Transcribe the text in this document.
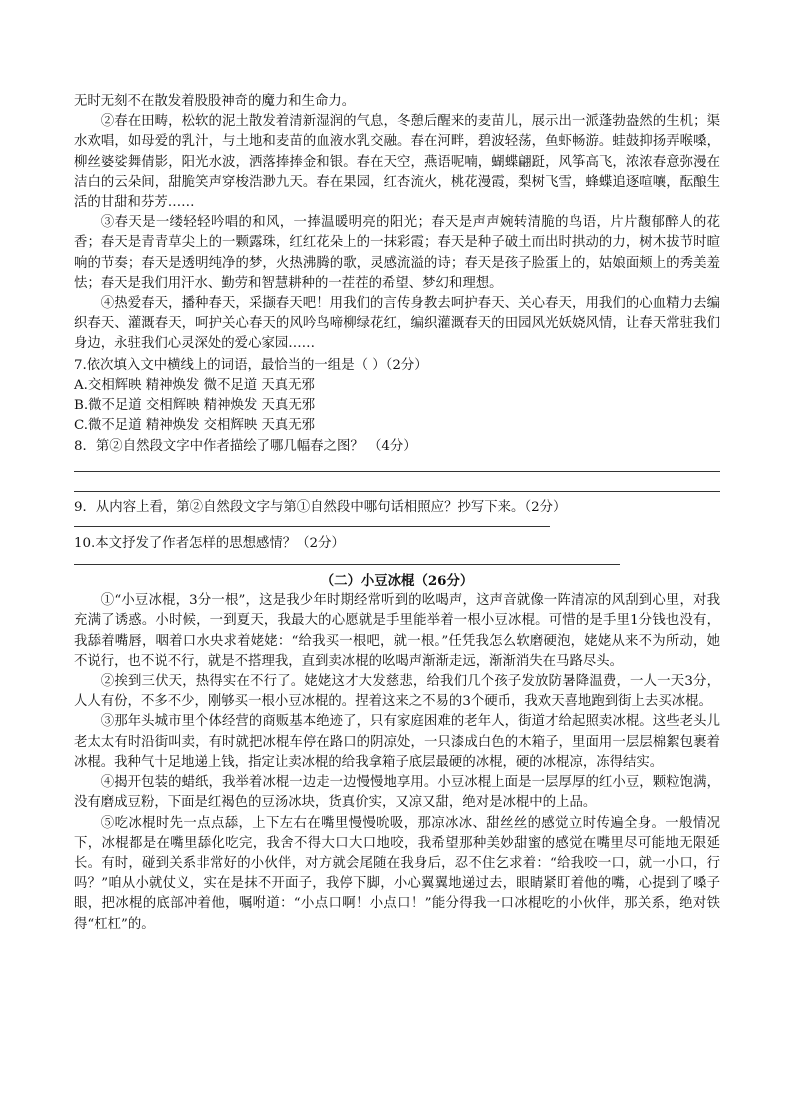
无时无刻不在散发着股股神奇的魔力和生命力。

②春在田畴，松软的泥土散发着清新湿润的气息，冬憩后醒来的麦苗儿，展示出一派蓬勃盎然的生机；渠水欢唱，如母爱的乳汁，与土地和麦苗的血液水乳交融。春在河畔，碧波轻荡，鱼虾畅游。蛙鼓抑扬弄喉嗓，柳丝婆娑舞倩影，阳光水波，洒落捧捧金和银。春在天空，燕语呢喃，蝴蝶翩跹，风筝高飞，浓浓春意弥漫在洁白的云朵间，甜脆笑声穿梭浩渺九天。春在果园，红杏流火，桃花漫霞，梨树飞雪，蜂蝶追逐喧嚷，酝酿生活的甘甜和芬芳……

③春天是一缕轻轻吟唱的和风，一捧温暖明亮的阳光；春天是声声婉转清脆的鸟语，片片馥郁醉人的花香；春天是青青草尖上的一颗露珠，红红花朵上的一抹彩霞；春天是种子破土而出时拱动的力，树木拔节时暄响的节奏；春天是透明纯净的梦，火热沸腾的歌，灵感流溢的诗；春天是孩子脸蛋上的，姑娘面颊上的秀美羞怯；春天是我们用汗水、勤劳和智慧耕种的一茬茬的希望、梦幻和理想。

④热爱春天，播种春天，采撷春天吧！用我们的言传身教去呵护春天、关心春天，用我们的心血精力去编织春天、灌溉春天，呵护关心春天的风吟鸟啼柳绿花红，编织灌溉春天的田园风光妖娆风情，让春天常驻我们身边，永驻我们心灵深处的爱心家园……

7.依次填入文中横线上的词语，最恰当的一组是（ ）（2分）

A.交相辉映 精神焕发 微不足道 天真无邪

B.微不足道 交相辉映 精神焕发 天真无邪

C.微不足道 精神焕发 交相辉映 天真无邪

8．第②自然段文字中作者描绘了哪几幅春之图？ （4分）

9．从内容上看，第②自然段文字与第①自然段中哪句话相照应？抄写下来。（2分）

10.本文抒发了作者怎样的思想感情？（2分）

（二）小豆冰棍（26分）

①“小豆冰棍，3分一根”，这是我少年时期经常听到的吆喝声，这声音就像一阵清凉的风刮到心里，对我充满了诱惑。小时候，一到夏天，我最大的心愿就是手里能举着一根小豆冰棍。可惜的是手里1分钱也没有，我舔着嘴唇，咽着口水央求着姥姥：“给我买一根吧，就一根。”任凭我怎么软磨硬泡，姥姥从来不为所动，她不说行，也不说不行，就是不搭理我，直到卖冰棍的吆喝声渐渐走远，渐渐消失在马路尽头。

②挨到三伏天，热得实在不行了。姥姥这才大发慈悲，给我们几个孩子发放防暑降温费，一人一天3分，人人有份，不多不少，刚够买一根小豆冰棍的。捏着这来之不易的3个硬币，我欢天喜地跑到街上去买冰棍。

③那年头城市里个体经营的商贩基本绝迹了，只有家庭困难的老年人，街道才给起照卖冰棍。这些老头儿老太太有时沿街叫卖，有时就把冰棍车停在路口的阴凉处，一只漆成白色的木箱子，里面用一层层棉絮包裹着冰棍。我种气十足地递上钱，指定让卖冰棍的给我拿箱子底层最硬的冰棍，硬的冰棍凉，冻得结实。

④揭开包装的蜡纸，我举着冰棍一边走一边慢慢地享用。小豆冰棍上面是一层厚厚的红小豆，颗粒饱满，没有磨成豆粉，下面是红褐色的豆汤冰块，货真价实，又凉又甜，绝对是冰棍中的上品。

⑤吃冰棍时先一点点舔，上下左右在嘴里慢慢吮吸，那凉冰冰、甜丝丝的感觉立时传遍全身。一般情况下，冰棍都是在嘴里舔化吃完，我舍不得大口大口地咬，我希望那种美妙甜蜜的感觉在嘴里尽可能地无限延长。有时，碰到关系非常好的小伙伴，对方就会尾随在我身后，忍不住乞求着：“给我咬一口，就一小口，行吗？”咱从小就仗义，实在是抹不开面子，我停下脚，小心翼翼地递过去，眼睛紧盯着他的嘴，心提到了嗓子眼，把冰棍的底部冲着他，嘱咐道：“小点口啊！小点口！”能分得我一口冰棍吃的小伙伴，那关系，绝对铁得“杠杠”的。
